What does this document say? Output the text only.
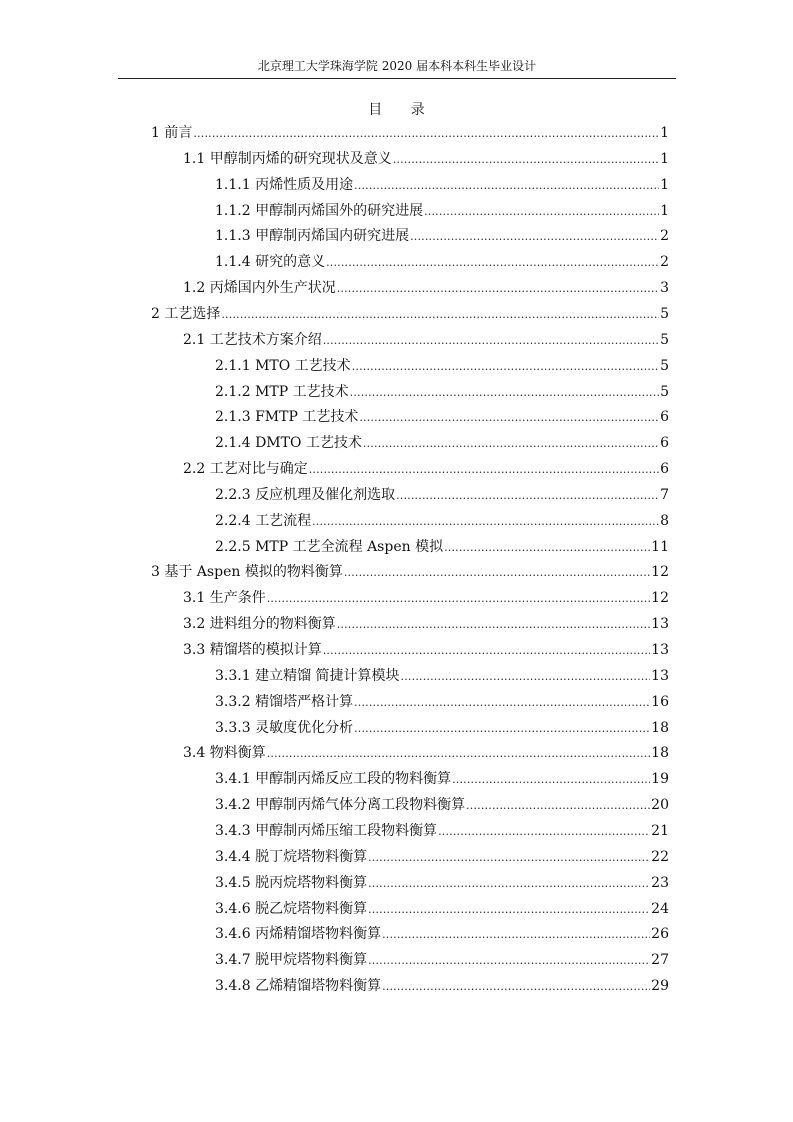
北京理工大学珠海学院 2020 届本科本科生毕业设计
目 录
1 前言 .....	1
1.1 甲醇制丙烯的研究现状及意义 .....	1
1.1.1 丙烯性质及用途 .....	1
1.1.2 甲醇制丙烯国外的研究进展 .....	1
1.1.3 甲醇制丙烯国内研究进展 .....	2
1.1.4 研究的意义 .....	2
1.2 丙烯国内外生产状况 .....	3
2 工艺选择 .....	5
2.1 工艺技术方案介绍 .....	5
2.1.1 MTO 工艺技术 .....	5
2.1.2 MTP 工艺技术 .....	5
2.1.3 FMTP 工艺技术 .....	6
2.1.4 DMTO 工艺技术 .....	6
2.2 工艺对比与确定 .....	6
2.2.3 反应机理及催化剂选取 .....	7
2.2.4 工艺流程 .....	8
2.2.5 MTP 工艺全流程 Aspen 模拟 .....	11
3 基于 Aspen 模拟的物料衡算 .....	12
3.1 生产条件 .....	12
3.2 进料组分的物料衡算 .....	13
3.3 精馏塔的模拟计算 .....	13
3.3.1 建立精馏 简捷计算模块 .....	13
3.3.2 精馏塔严格计算 .....	16
3.3.3 灵敏度优化分析 .....	18
3.4 物料衡算 .....	18
3.4.1 甲醇制丙烯反应工段的物料衡算 .....	19
3.4.2 甲醇制丙烯气体分离工段物料衡算 .....	20
3.4.3 甲醇制丙烯压缩工段物料衡算 .....	21
3.4.4 脱丁烷塔物料衡算 .....	22
3.4.5 脱丙烷塔物料衡算 .....	23
3.4.6 脱乙烷塔物料衡算 .....	24
3.4.6 丙烯精馏塔物料衡算 .....	26
3.4.7 脱甲烷塔物料衡算 .....	27
3.4.8 乙烯精馏塔物料衡算 .....	29
